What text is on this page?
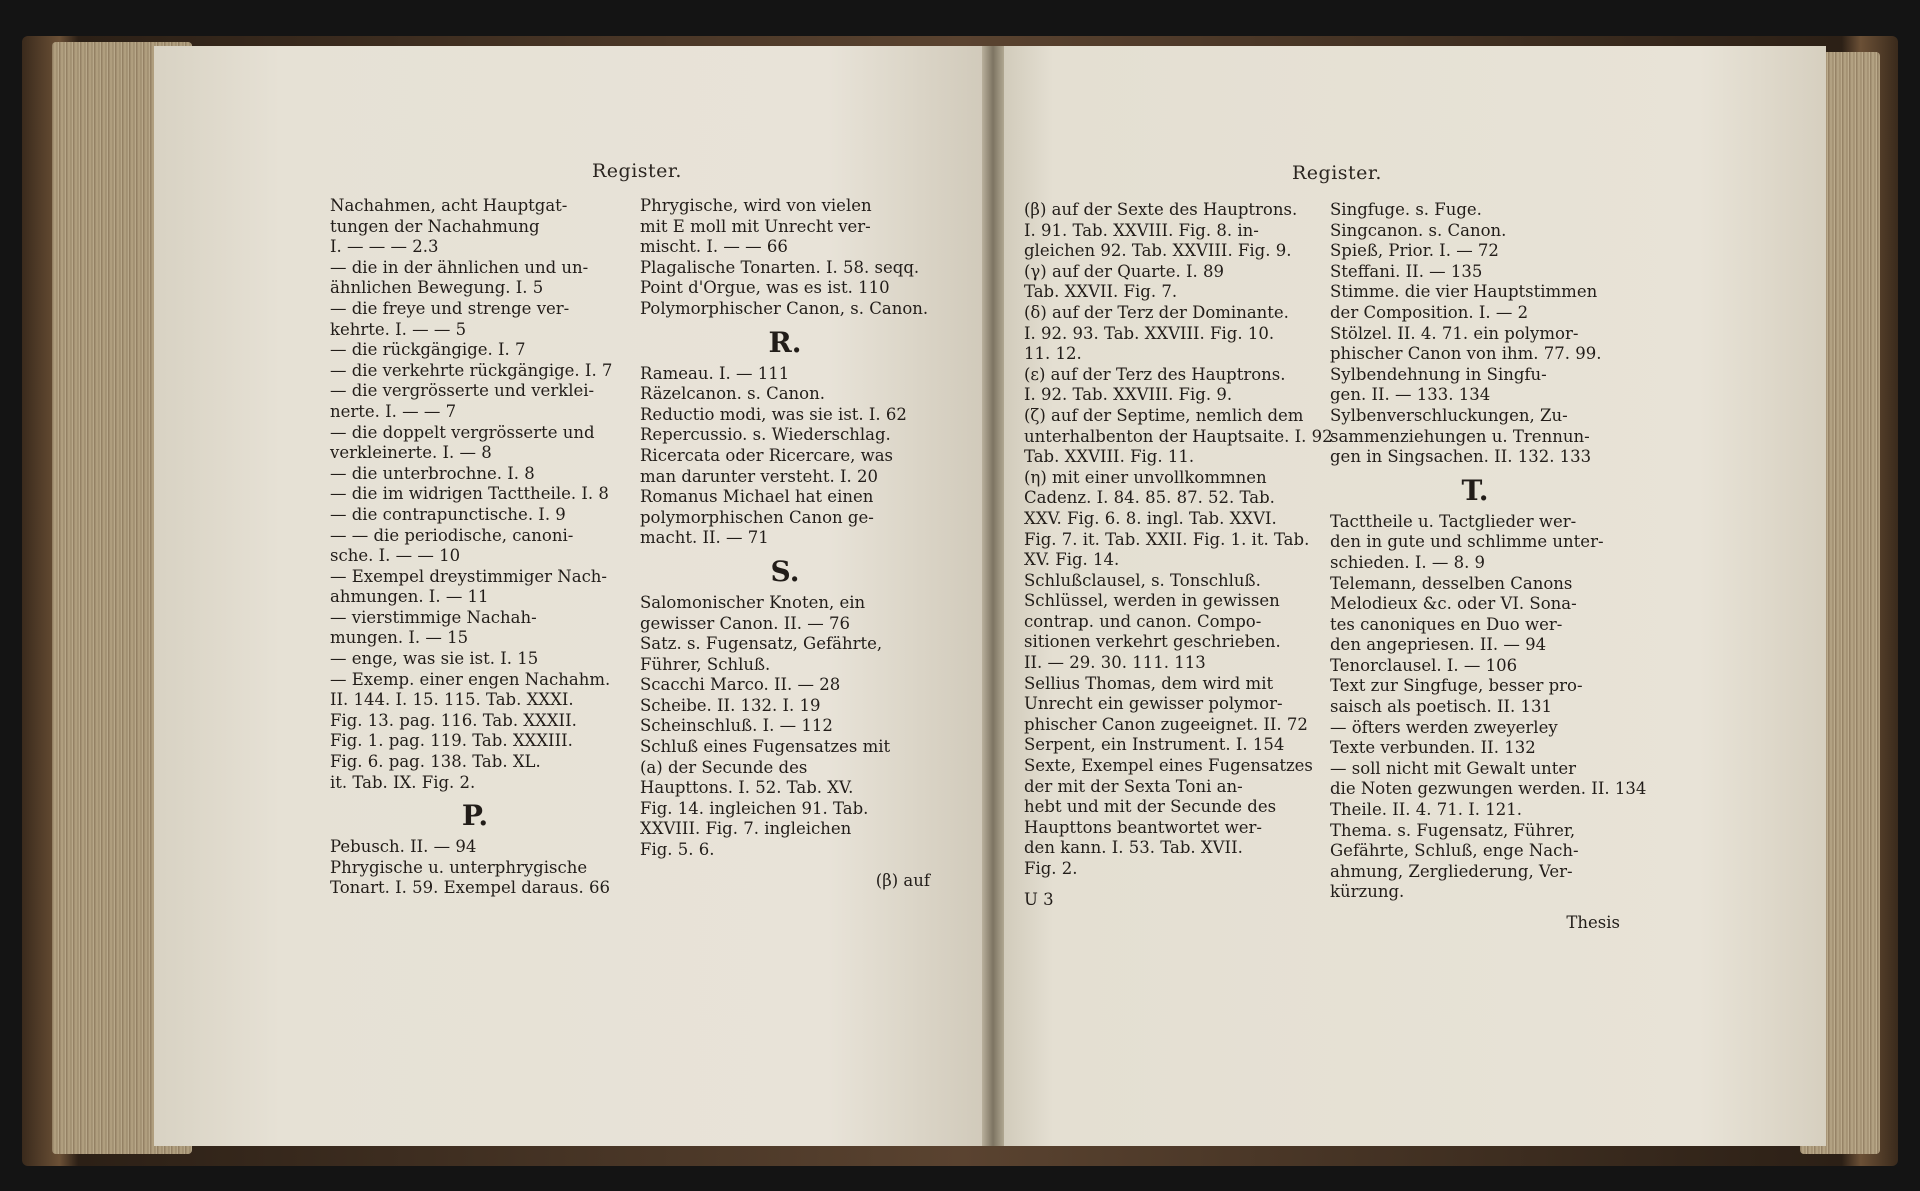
Register.
Nachahmen, acht Hauptgat-
tungen der Nachahmung
I. — — — 2.3
— die in der ähnlichen und un-
ähnlichen Bewegung. I. 5
— die freye und strenge ver-
kehrte. I. — — 5
— die rückgängige. I. 7
— die verkehrte rückgängige. I. 7
— die vergrösserte und verklei-
nerte. I. — — 7
— die doppelt vergrösserte und
verkleinerte. I. — 8
— die unterbrochne. I. 8
— die im widrigen Tacttheile. I. 8
— die contrapunctische. I. 9
— — die periodische, canoni-
sche. I. — — 10
— Exempel dreystimmiger Nach-
ahmungen. I. — 11
— vierstimmige Nachah-
mungen. I. — 15
— enge, was sie ist. I. 15
— Exemp. einer engen Nachahm.
II. 144. I. 15. 115. Tab. XXXI.
Fig. 13. pag. 116. Tab. XXXII.
Fig. 1. pag. 119. Tab. XXXIII.
Fig. 6. pag. 138. Tab. XL.
it. Tab. IX. Fig. 2.
P.
Pebusch. II. — 94
Phrygische u. unterphrygische
Tonart. I. 59. Exempel daraus. 66
Phrygische, wird von vielen
mit E moll mit Unrecht ver-
mischt. I. — — 66
Plagalische Tonarten. I. 58. seqq.
Point d'Orgue, was es ist. 110
Polymorphischer Canon, s. Canon.
R.
Rameau. I. — 111
Räzelcanon. s. Canon.
Reductio modi, was sie ist. I. 62
Repercussio. s. Wiederschlag.
Ricercata oder Ricercare, was
man darunter versteht. I. 20
Romanus Michael hat einen
polymorphischen Canon ge-
macht. II. — 71
S.
Salomonischer Knoten, ein
gewisser Canon. II. — 76
Satz. s. Fugensatz, Gefährte,
Führer, Schluß.
Scacchi Marco. II. — 28
Scheibe. II. 132. I. 19
Scheinschluß. I. — 112
Schluß eines Fugensatzes mit
(a) der Secunde des
Haupttons. I. 52. Tab. XV.
Fig. 14. ingleichen 91. Tab.
XXVIII. Fig. 7. ingleichen
Fig. 5. 6.
(β) auf
Register.
(β) auf der Sexte des Hauptrons.
I. 91. Tab. XXVIII. Fig. 8. in-
gleichen 92. Tab. XXVIII. Fig. 9.
(γ) auf der Quarte. I. 89
Tab. XXVII. Fig. 7.
(δ) auf der Terz der Dominante.
I. 92. 93. Tab. XXVIII. Fig. 10.
11. 12.
(ε) auf der Terz des Hauptrons.
I. 92. Tab. XXVIII. Fig. 9.
(ζ) auf der Septime, nemlich dem
unterhalbenton der Hauptsaite. I. 92
Tab. XXVIII. Fig. 11.
(η) mit einer unvollkommnen
Cadenz. I. 84. 85. 87. 52. Tab.
XXV. Fig. 6. 8. ingl. Tab. XXVI.
Fig. 7. it. Tab. XXII. Fig. 1. it. Tab.
XV. Fig. 14.
Schlußclausel, s. Tonschluß.
Schlüssel, werden in gewissen
contrap. und canon. Compo-
sitionen verkehrt geschrieben.
II. — 29. 30. 111. 113
Sellius Thomas, dem wird mit
Unrecht ein gewisser polymor-
phischer Canon zugeeignet. II. 72
Serpent, ein Instrument. I. 154
Sexte, Exempel eines Fugensatzes
der mit der Sexta Toni an-
hebt und mit der Secunde des
Haupttons beantwortet wer-
den kann. I. 53. Tab. XVII.
Fig. 2.
U 3
Singfuge. s. Fuge.
Singcanon. s. Canon.
Spieß, Prior. I. — 72
Steffani. II. — 135
Stimme. die vier Hauptstimmen
der Composition. I. — 2
Stölzel. II. 4. 71. ein polymor-
phischer Canon von ihm. 77. 99.
Sylbendehnung in Singfu-
gen. II. — 133. 134
Sylbenverschluckungen, Zu-
sammenziehungen u. Trennun-
gen in Singsachen. II. 132. 133
T.
Tacttheile u. Tactglieder wer-
den in gute und schlimme unter-
schieden. I. — 8. 9
Telemann, desselben Canons
Melodieux &c. oder VI. Sona-
tes canoniques en Duo wer-
den angepriesen. II. — 94
Tenorclausel. I. — 106
Text zur Singfuge, besser pro-
saisch als poetisch. II. 131
— öfters werden zweyerley
Texte verbunden. II. 132
— soll nicht mit Gewalt unter
die Noten gezwungen werden. II. 134
Theile. II. 4. 71. I. 121.
Thema. s. Fugensatz, Führer,
Gefährte, Schluß, enge Nach-
ahmung, Zergliederung, Ver-
kürzung.
Thesis
